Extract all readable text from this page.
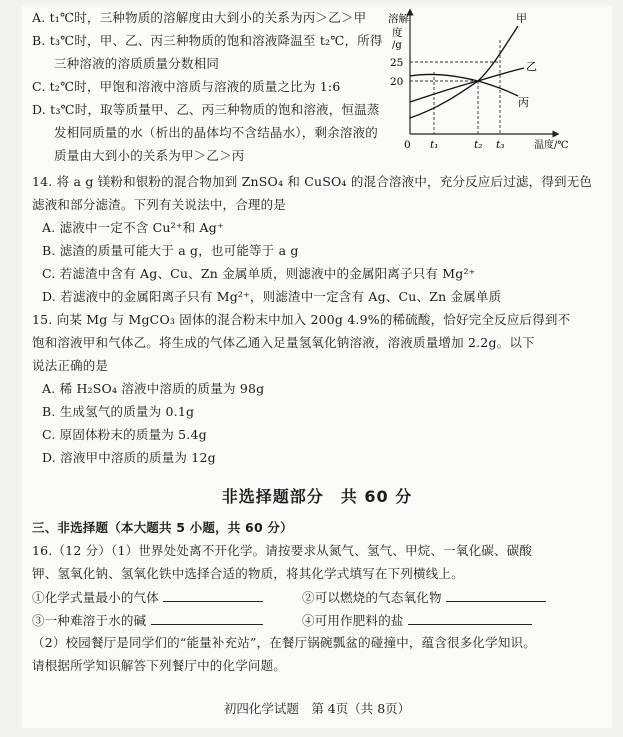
A. t₁℃时，三种物质的溶解度由大到小的关系为丙＞乙＞甲
B. t₃℃时，甲、乙、丙三种物质的饱和溶液降温至 t₂℃，所得
三种溶液的溶质质量分数相同
C. t₂℃时，甲饱和溶液中溶质与溶液的质量之比为 1:6
D. t₃℃时，取等质量甲、乙、丙三种物质的饱和溶液，恒温蒸
发相同质量的水（析出的晶体均不含结晶水），剩余溶液的
质量由大到小的关系为甲＞乙＞丙
溶解
度
/g
25
20
甲
乙
丙
0 t₁	t₂ t₃	温度/℃
14. 将 a g 镁粉和银粉的混合物加到 ZnSO₄ 和 CuSO₄ 的混合溶液中，充分反应后过滤，得到无色
滤液和部分滤渣。下列有关说法中，合理的是
A. 滤液中一定不含 Cu²⁺和 Ag⁺
B. 滤渣的质量可能大于 a g，也可能等于 a g
C. 若滤渣中含有 Ag、Cu、Zn 金属单质，则滤液中的金属阳离子只有 Mg²⁺
D. 若滤液中的金属阳离子只有 Mg²⁺，则滤渣中一定含有 Ag、Cu、Zn 金属单质
15. 向某 Mg 与 MgCO₃ 固体的混合粉末中加入 200g 4.9%的稀硫酸，恰好完全反应后得到不
饱和溶液甲和气体乙。将生成的气体乙通入足量氢氧化钠溶液，溶液质量增加 2.2g。以下
说法正确的是
A. 稀 H₂SO₄ 溶液中溶质的质量为 98g
B. 生成氢气的质量为 0.1g
C. 原固体粉末的质量为 5.4g
D. 溶液甲中溶质的质量为 12g
非选择题部分　共 60 分
三、非选择题（本大题共 5 小题，共 60 分）
16.（12 分）（1）世界处处离不开化学。请按要求从氮气、氢气、甲烷、一氧化碳、碳酸
钾、氢氧化钠、氢氧化铁中选择合适的物质，将其化学式填写在下列横线上。
①化学式量最小的气体	②可以燃烧的气态氧化物
③一种难溶于水的碱	④可用作肥料的盐
（2）校园餐厅是同学们的“能量补充站”，在餐厅锅碗瓢盆的碰撞中，蕴含很多化学知识。
请根据所学知识解答下列餐厅中的化学问题。
初四化学试题　第 4页（共 8页）
